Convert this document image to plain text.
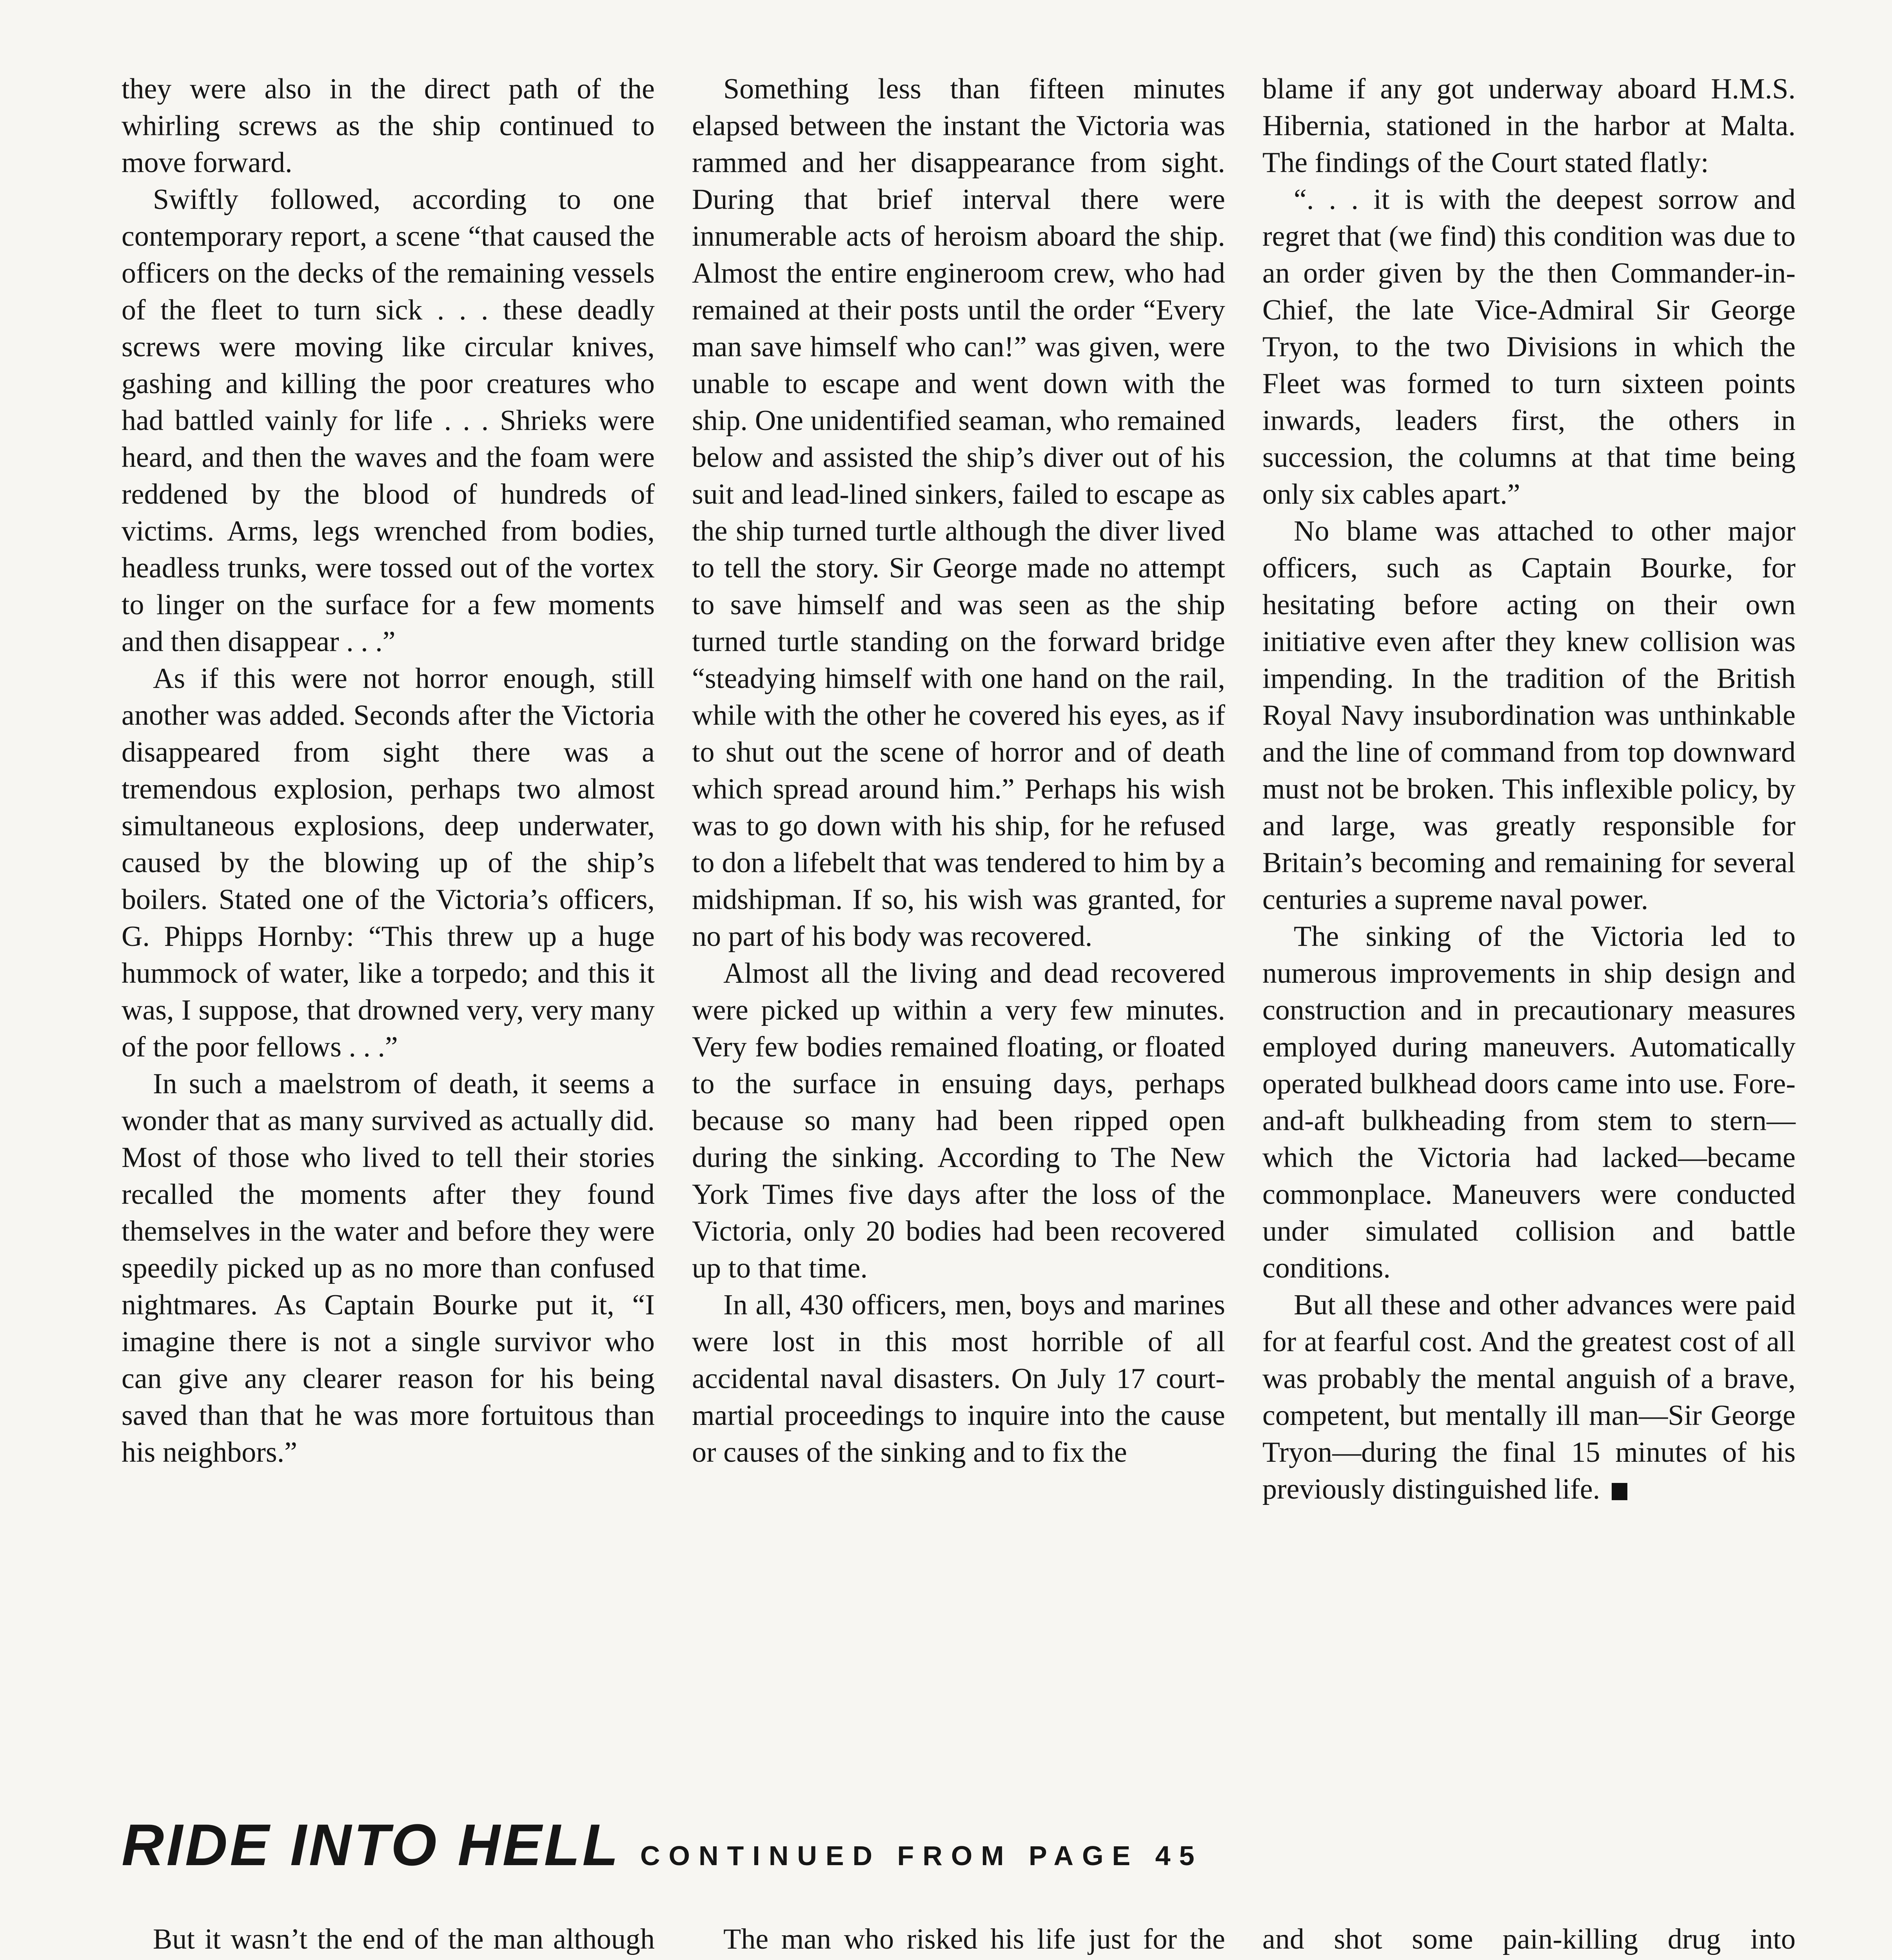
they were also in the direct path of the whirling screws as the ship continued to move forward.

Swiftly followed, according to one contemporary report, a scene “that caused the officers on the decks of the remaining vessels of the fleet to turn sick . . . these deadly screws were moving like circular knives, gashing and killing the poor creatures who had battled vainly for life . . . Shrieks were heard, and then the waves and the foam were reddened by the blood of hundreds of victims. Arms, legs wrenched from bodies, headless trunks, were tossed out of the vortex to linger on the surface for a few moments and then disappear . . .”

As if this were not horror enough, still another was added. Seconds after the Victoria disappeared from sight there was a tremendous explosion, perhaps two almost simultaneous explosions, deep underwater, caused by the blowing up of the ship’s boilers. Stated one of the Victoria’s officers, G. Phipps Hornby: “This threw up a huge hummock of water, like a torpedo; and this it was, I suppose, that drowned very, very many of the poor fellows . . .”

In such a maelstrom of death, it seems a wonder that as many survived as actually did. Most of those who lived to tell their stories recalled the moments after they found themselves in the water and before they were speedily picked up as no more than confused nightmares. As Captain Bourke put it, “I imagine there is not a single survivor who can give any clearer reason for his being saved than that he was more fortuitous than his neighbors.”

Something less than fifteen minutes elapsed between the instant the Victoria was rammed and her disappearance from sight. During that brief interval there were innumerable acts of heroism aboard the ship. Almost the entire engineroom crew, who had remained at their posts until the order “Every man save himself who can!” was given, were unable to escape and went down with the ship. One unidentified seaman, who remained below and assisted the ship’s diver out of his suit and lead-lined sinkers, failed to escape as the ship turned turtle although the diver lived to tell the story. Sir George made no attempt to save himself and was seen as the ship turned turtle standing on the forward bridge “steadying himself with one hand on the rail, while with the other he covered his eyes, as if to shut out the scene of horror and of death which spread around him.” Perhaps his wish was to go down with his ship, for he refused to don a lifebelt that was tendered to him by a midshipman. If so, his wish was granted, for no part of his body was recovered.

Almost all the living and dead recovered were picked up within a very few minutes. Very few bodies remained floating, or floated to the surface in ensuing days, perhaps because so many had been ripped open during the sinking. According to The New York Times five days after the loss of the Victoria, only 20 bodies had been recovered up to that time.

In all, 430 officers, men, boys and marines were lost in this most horrible of all accidental naval disasters. On July 17 court-martial proceedings to inquire into the cause or causes of the sinking and to fix the

blame if any got underway aboard H.M.S. Hibernia, stationed in the harbor at Malta. The findings of the Court stated flatly:

“. . . it is with the deepest sorrow and regret that (we find) this condition was due to an order given by the then Commander-in-Chief, the late Vice-Admiral Sir George Tryon, to the two Divisions in which the Fleet was formed to turn sixteen points inwards, leaders first, the others in succession, the columns at that time being only six cables apart.”

No blame was attached to other major officers, such as Captain Bourke, for hesitating before acting on their own initiative even after they knew collision was impending. In the tradition of the British Royal Navy insubordination was unthinkable and the line of command from top downward must not be broken. This inflexible policy, by and large, was greatly responsible for Britain’s becoming and remaining for several centuries a supreme naval power.

The sinking of the Victoria led to numerous improvements in ship design and construction and in precautionary measures employed during maneuvers. Automatically operated bulkhead doors came into use. Fore-and-aft bulkheading from stem to stern—which the Victoria had lacked—became commonplace. Maneuvers were conducted under simulated collision and battle conditions.

But all these and other advances were paid for at fearful cost. And the greatest cost of all was probably the mental anguish of a brave, competent, but mentally ill man—Sir George Tryon—during the final 15 minutes of his previously distinguished life.

RIDE INTO HELL CONTINUED FROM PAGE 45

But it wasn’t the end of the man although	The man who risked his life just for the and shot some pain-killing drug into
